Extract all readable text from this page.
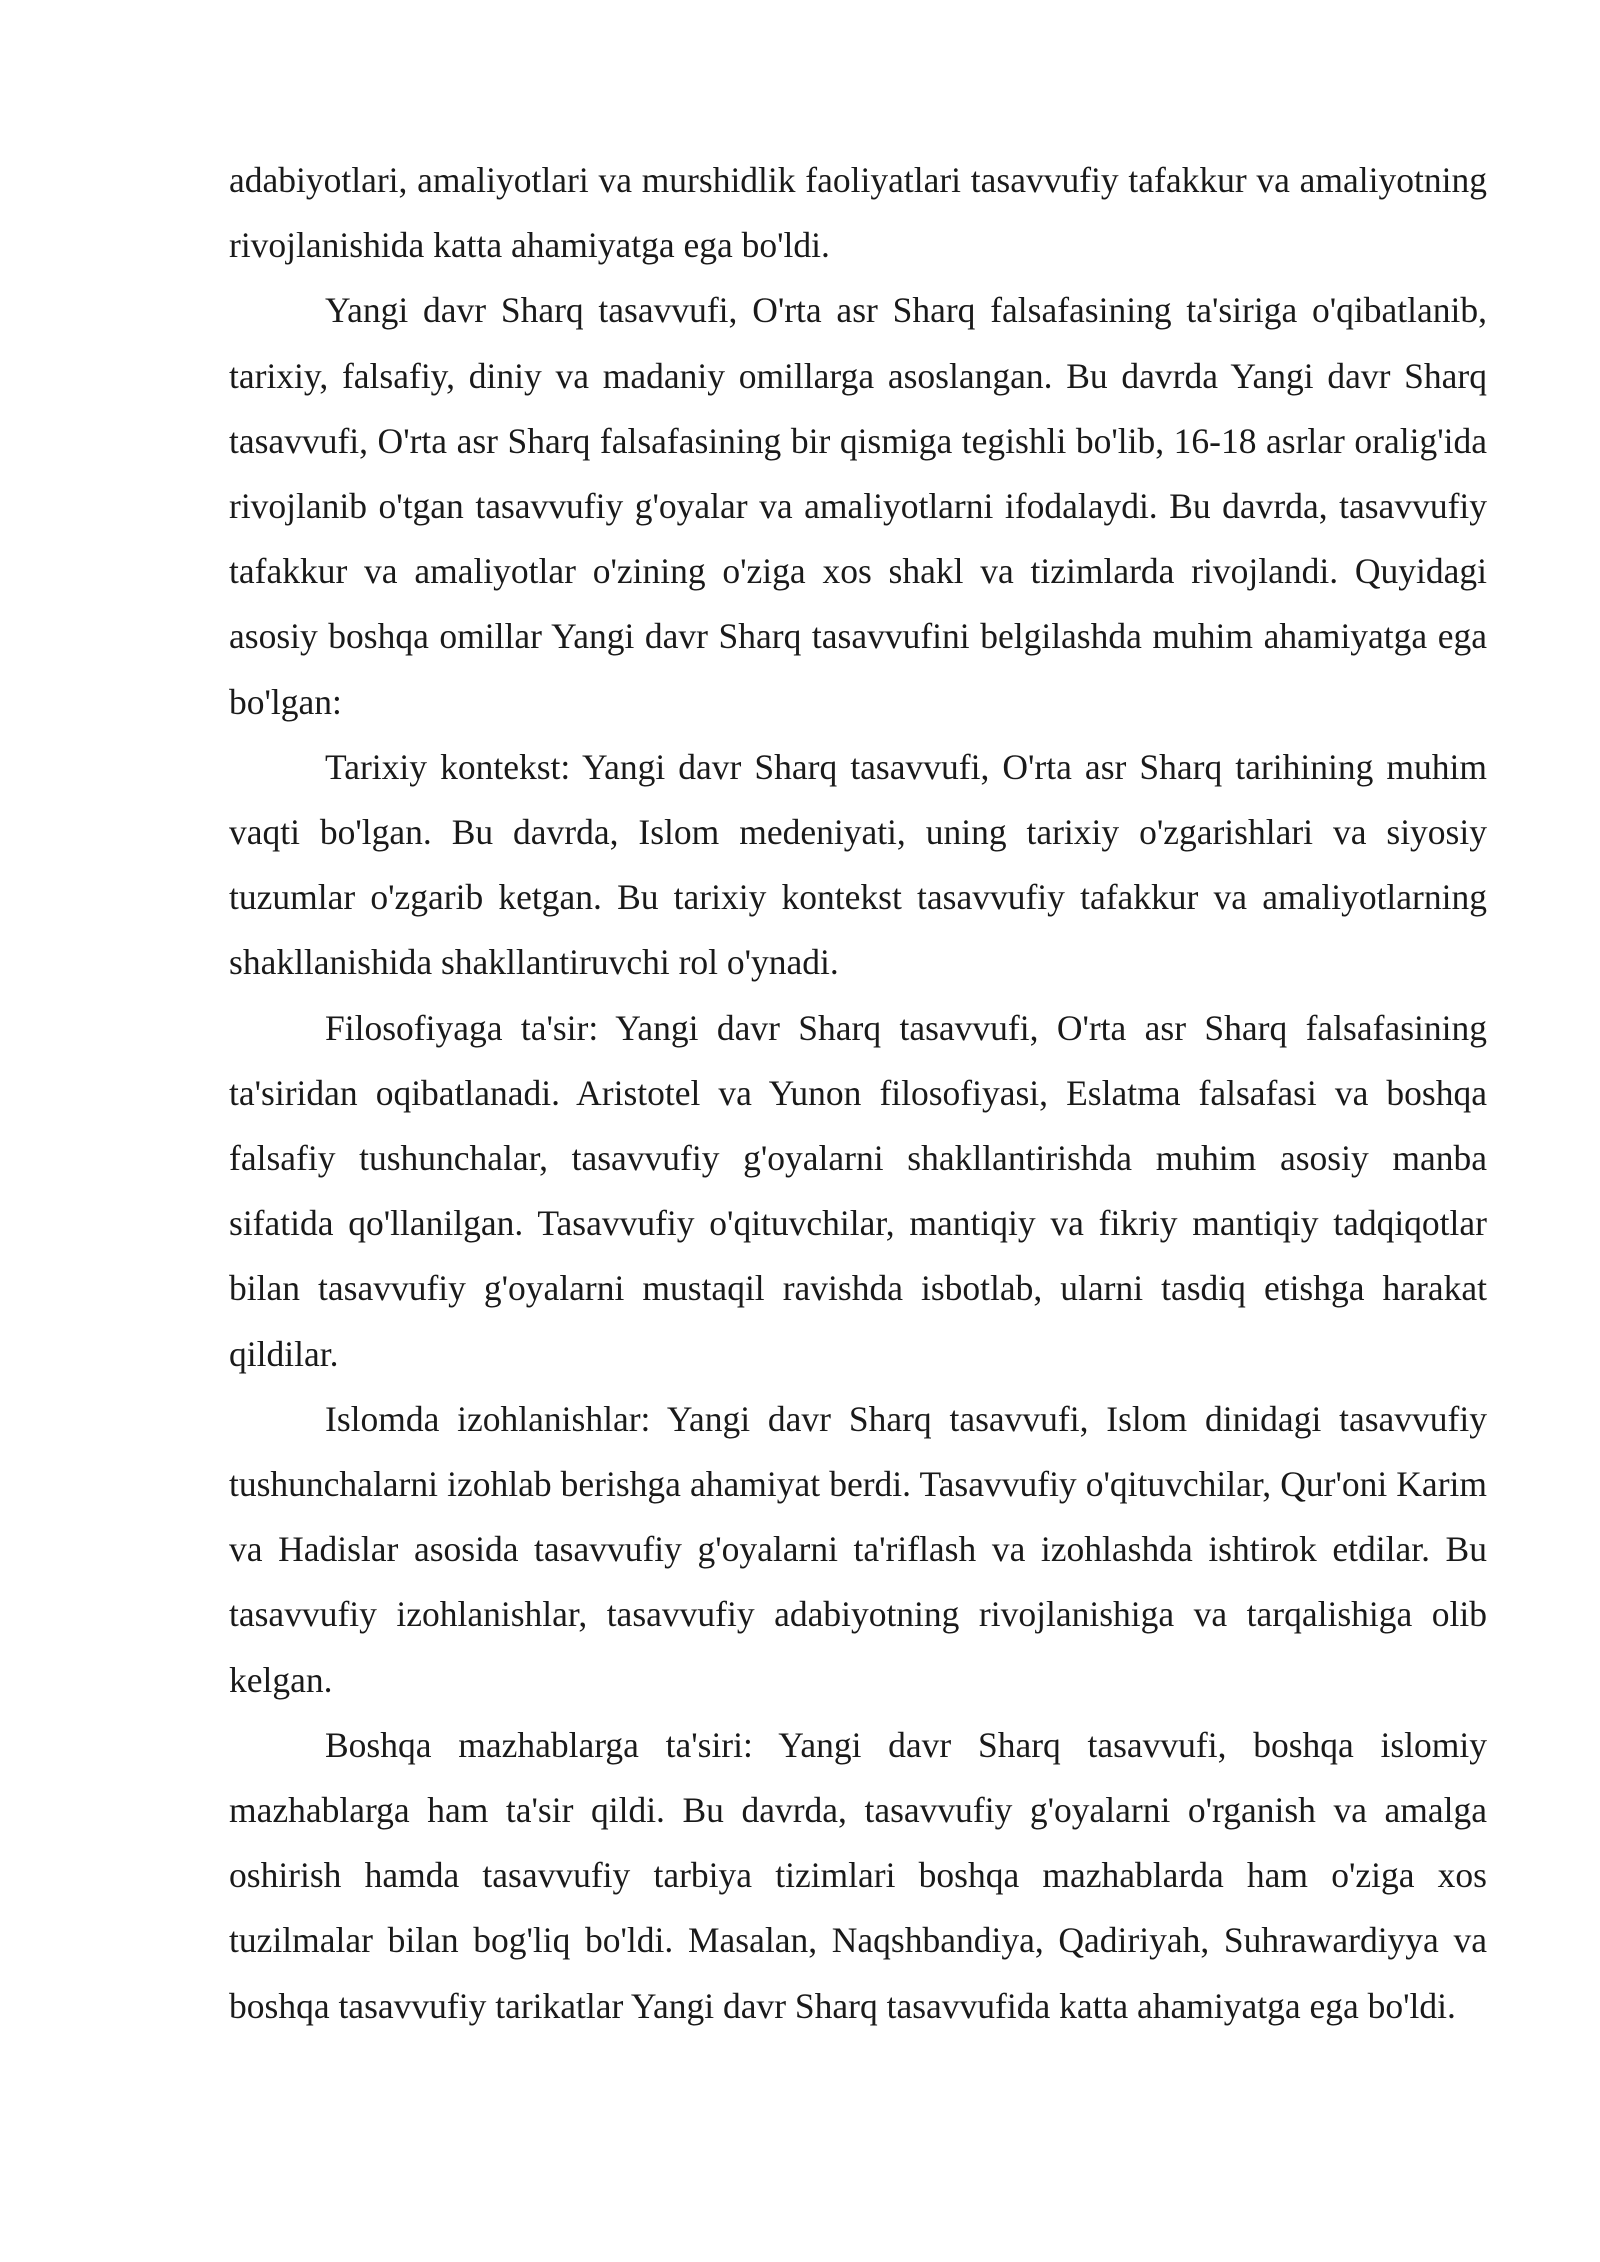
adabiyotlari, amaliyotlari va murshidlik faoliyatlari tasavvufiy tafakkur va amaliyotning rivojlanishida katta ahamiyatga ega bo'ldi.

Yangi davr Sharq tasavvufi, O'rta asr Sharq falsafasining ta'siriga o'qibatlanib, tarixiy, falsafiy, diniy va madaniy omillarga asoslangan. Bu davrda Yangi davr Sharq tasavvufi, O'rta asr Sharq falsafasining bir qismiga tegishli bo'lib, 16-18 asrlar oralig'ida rivojlanib o'tgan tasavvufiy g'oyalar va amaliyotlarni ifodalaydi. Bu davrda, tasavvufiy tafakkur va amaliyotlar o'zining o'ziga xos shakl va tizimlarda rivojlandi. Quyidagi asosiy boshqa omillar Yangi davr Sharq tasavvufini belgilashda muhim ahamiyatga ega bo'lgan:

Tarixiy kontekst: Yangi davr Sharq tasavvufi, O'rta asr Sharq tarihining muhim vaqti bo'lgan. Bu davrda, Islom medeniyati, uning tarixiy o'zgarishlari va siyosiy tuzumlar o'zgarib ketgan. Bu tarixiy kontekst tasavvufiy tafakkur va amaliyotlarning shakllanishida shakllantiruvchi rol o'ynadi.

Filosofiyaga ta'sir: Yangi davr Sharq tasavvufi, O'rta asr Sharq falsafasining ta'siridan oqibatlanadi. Aristotel va Yunon filosofiyasi, Eslatma falsafasi va boshqa falsafiy tushunchalar, tasavvufiy g'oyalarni shakllantirishda muhim asosiy manba sifatida qo'llanilgan. Tasavvufiy o'qituvchilar, mantiqiy va fikriy mantiqiy tadqiqotlar bilan tasavvufiy g'oyalarni mustaqil ravishda isbotlab, ularni tasdiq etishga harakat qildilar.

Islomda izohlanishlar: Yangi davr Sharq tasavvufi, Islom dinidagi tasavvufiy tushunchalarni izohlab berishga ahamiyat berdi. Tasavvufiy o'qituvchilar, Qur'oni Karim va Hadislar asosida tasavvufiy g'oyalarni ta'riflash va izohlashda ishtirok etdilar. Bu tasavvufiy izohlanishlar, tasavvufiy adabiyotning rivojlanishiga va tarqalishiga olib kelgan.

Boshqa mazhablarga ta'siri: Yangi davr Sharq tasavvufi, boshqa islomiy mazhablarga ham ta'sir qildi. Bu davrda, tasavvufiy g'oyalarni o'rganish va amalga oshirish hamda tasavvufiy tarbiya tizimlari boshqa mazhablarda ham o'ziga xos tuzilmalar bilan bog'liq bo'ldi. Masalan, Naqshbandiya, Qadiriyah, Suhrawardiyya va boshqa tasavvufiy tarikatlar Yangi davr Sharq tasavvufida katta ahamiyatga ega bo'ldi.
